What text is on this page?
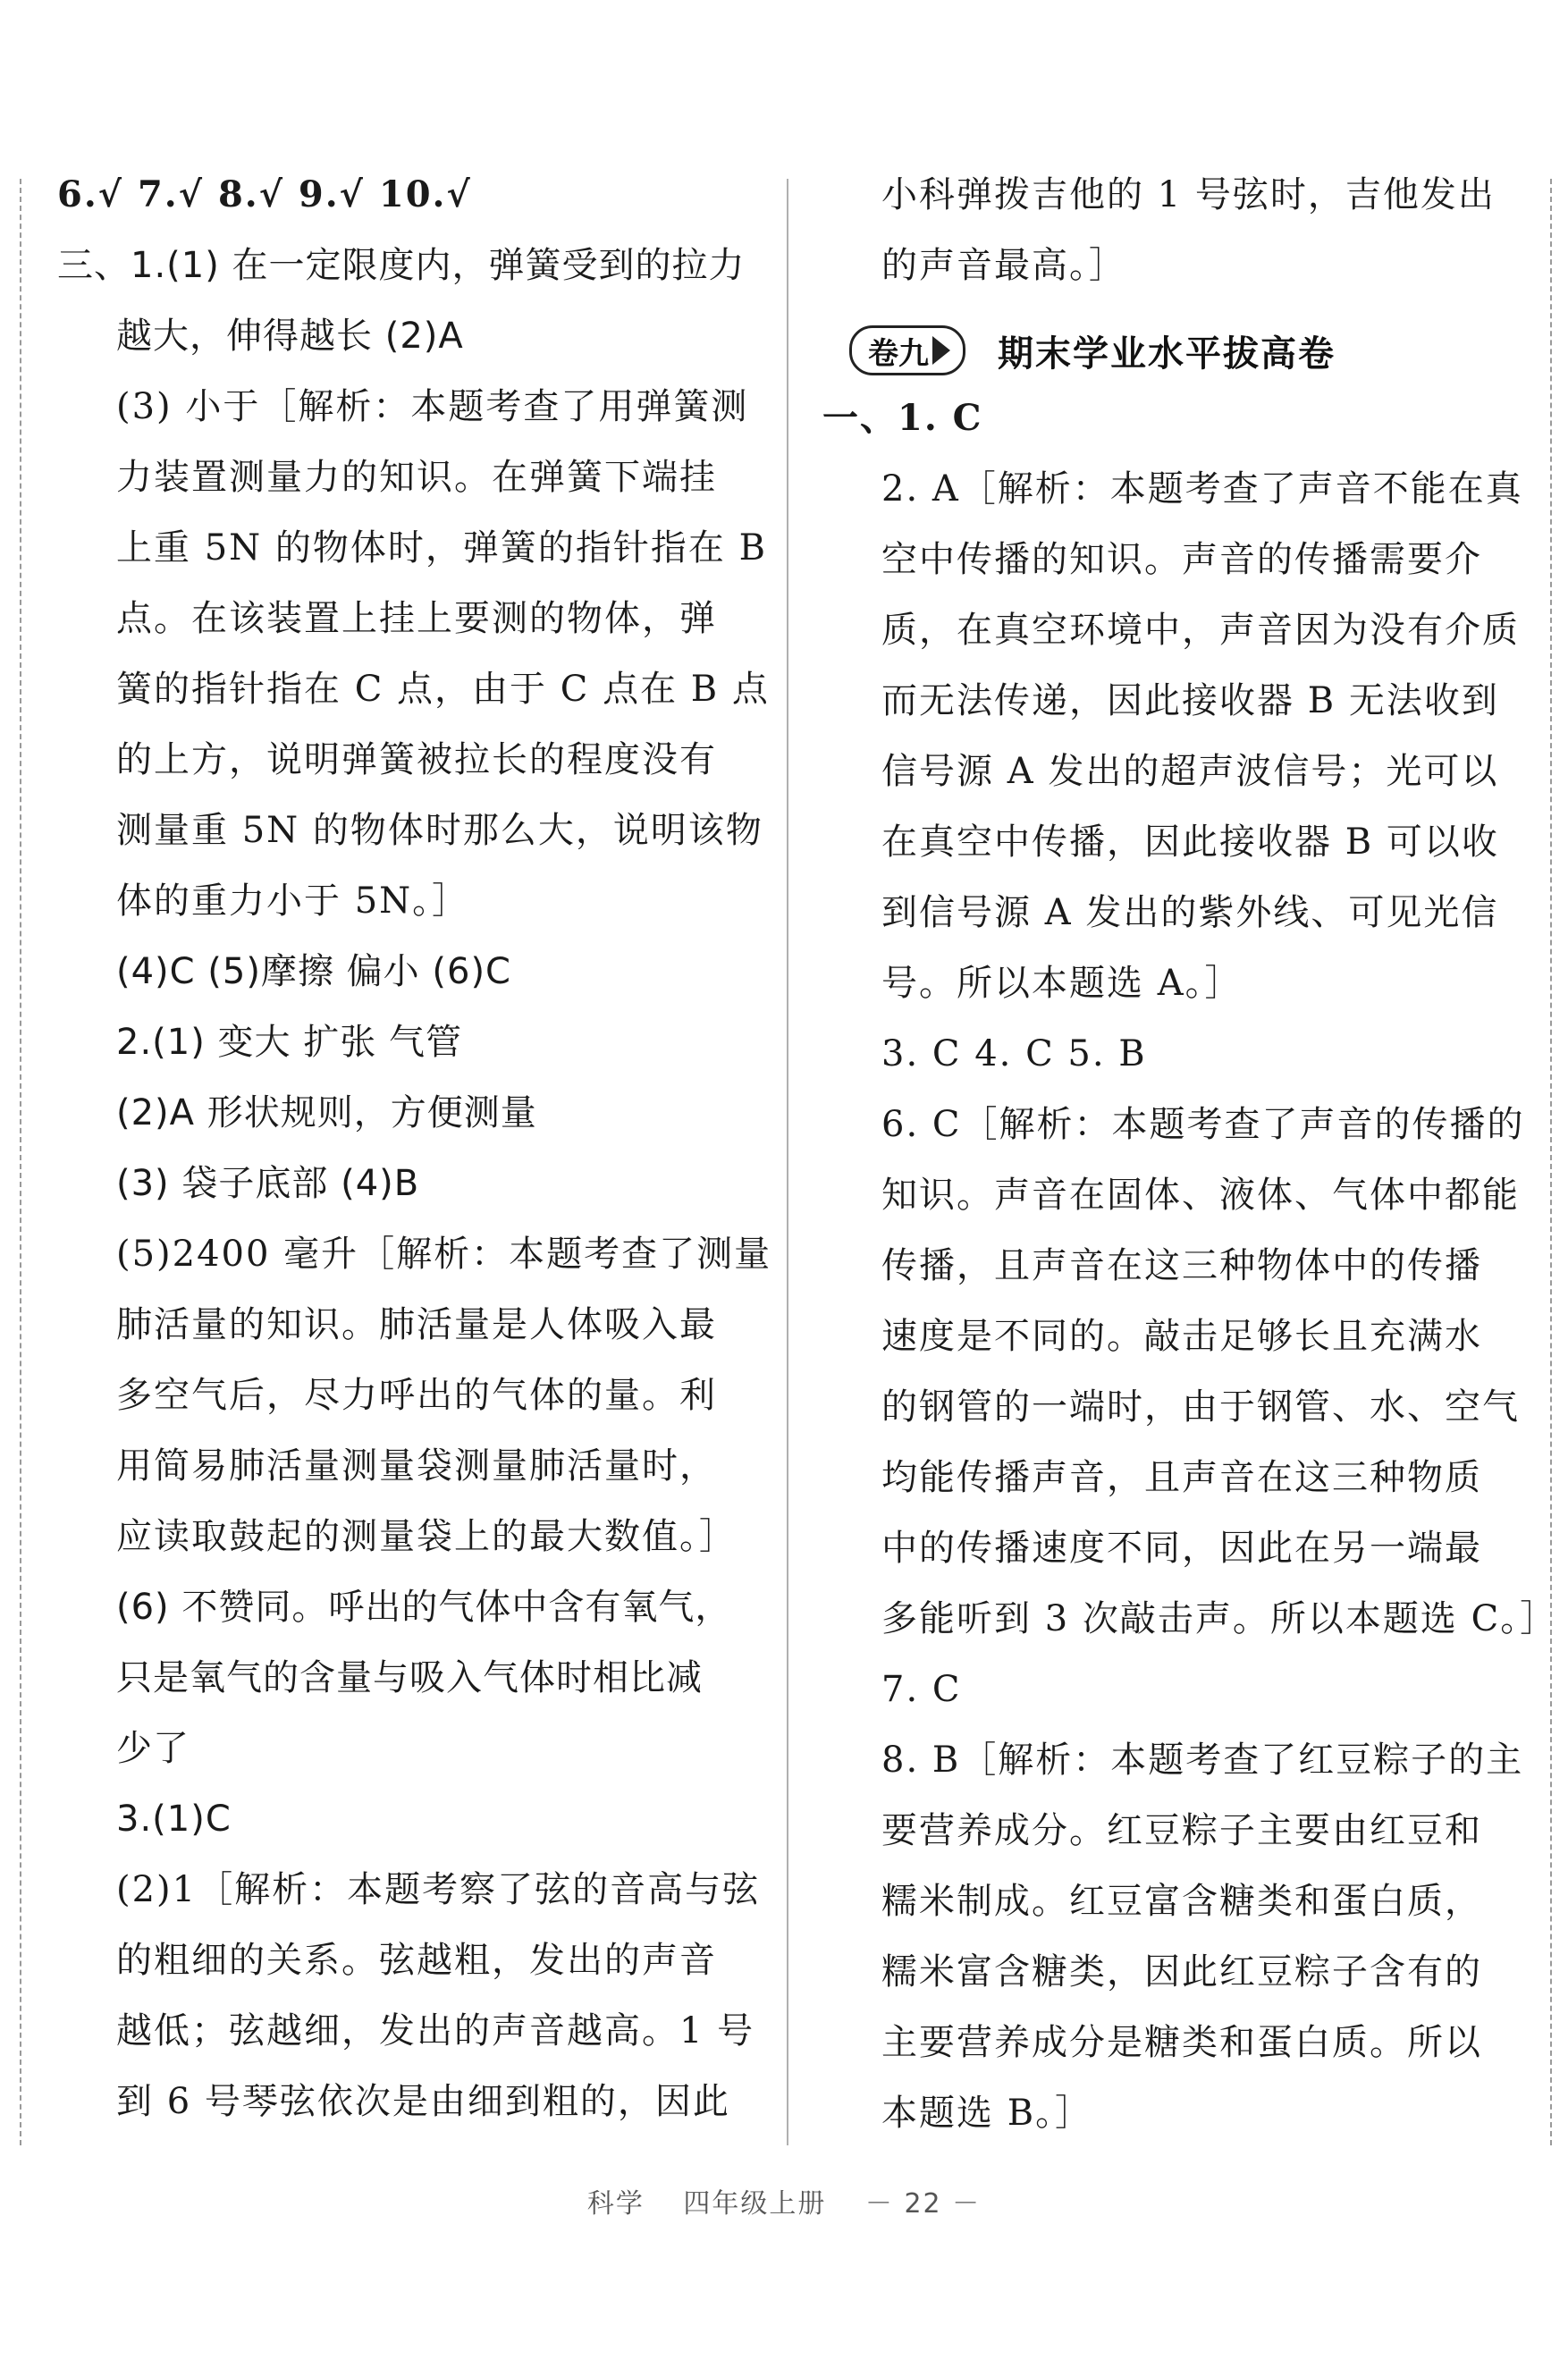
6.√ 7.√ 8.√ 9.√ 10.√
三、1.(1) 在一定限度内，弹簧受到的拉力
越大，伸得越长 (2)A
(3) 小于［解析：本题考查了用弹簧测
力装置测量力的知识。在弹簧下端挂
上重 5N 的物体时，弹簧的指针指在 B
点。在该装置上挂上要测的物体，弹
簧的指针指在 C 点，由于 C 点在 B 点
的上方，说明弹簧被拉长的程度没有
测量重 5N 的物体时那么大，说明该物
体的重力小于 5N。］
(4)C (5)摩擦 偏小 (6)C
2.(1) 变大 扩张 气管
(2)A 形状规则，方便测量
(3) 袋子底部 (4)B
(5)2400 毫升［解析：本题考查了测量
肺活量的知识。肺活量是人体吸入最
多空气后，尽力呼出的气体的量。利
用简易肺活量测量袋测量肺活量时，
应读取鼓起的测量袋上的最大数值。］
(6) 不赞同。呼出的气体中含有氧气，
只是氧气的含量与吸入气体时相比减
少了
3.(1)C
(2)1［解析：本题考察了弦的音高与弦
的粗细的关系。弦越粗，发出的声音
越低；弦越细，发出的声音越高。1 号
到 6 号琴弦依次是由细到粗的，因此
小科弹拨吉他的 1 号弦时，吉他发出
的声音最高。］
卷九 期末学业水平拔高卷
一、1. C
2. A［解析：本题考查了声音不能在真
空中传播的知识。声音的传播需要介
质，在真空环境中，声音因为没有介质
而无法传递，因此接收器 B 无法收到
信号源 A 发出的超声波信号；光可以
在真空中传播，因此接收器 B 可以收
到信号源 A 发出的紫外线、可见光信
号。所以本题选 A。］
3. C 4. C 5. B
6. C［解析：本题考查了声音的传播的
知识。声音在固体、液体、气体中都能
传播，且声音在这三种物体中的传播
速度是不同的。敲击足够长且充满水
的钢管的一端时，由于钢管、水、空气
均能传播声音，且声音在这三种物质
中的传播速度不同，因此在另一端最
多能听到 3 次敲击声。所以本题选 C。］
7. C
8. B［解析：本题考查了红豆粽子的主
要营养成分。红豆粽子主要由红豆和
糯米制成。红豆富含糖类和蛋白质，
糯米富含糖类，因此红豆粽子含有的
主要营养成分是糖类和蛋白质。所以
本题选 B。］
科学 四年级上册 － 22 －
